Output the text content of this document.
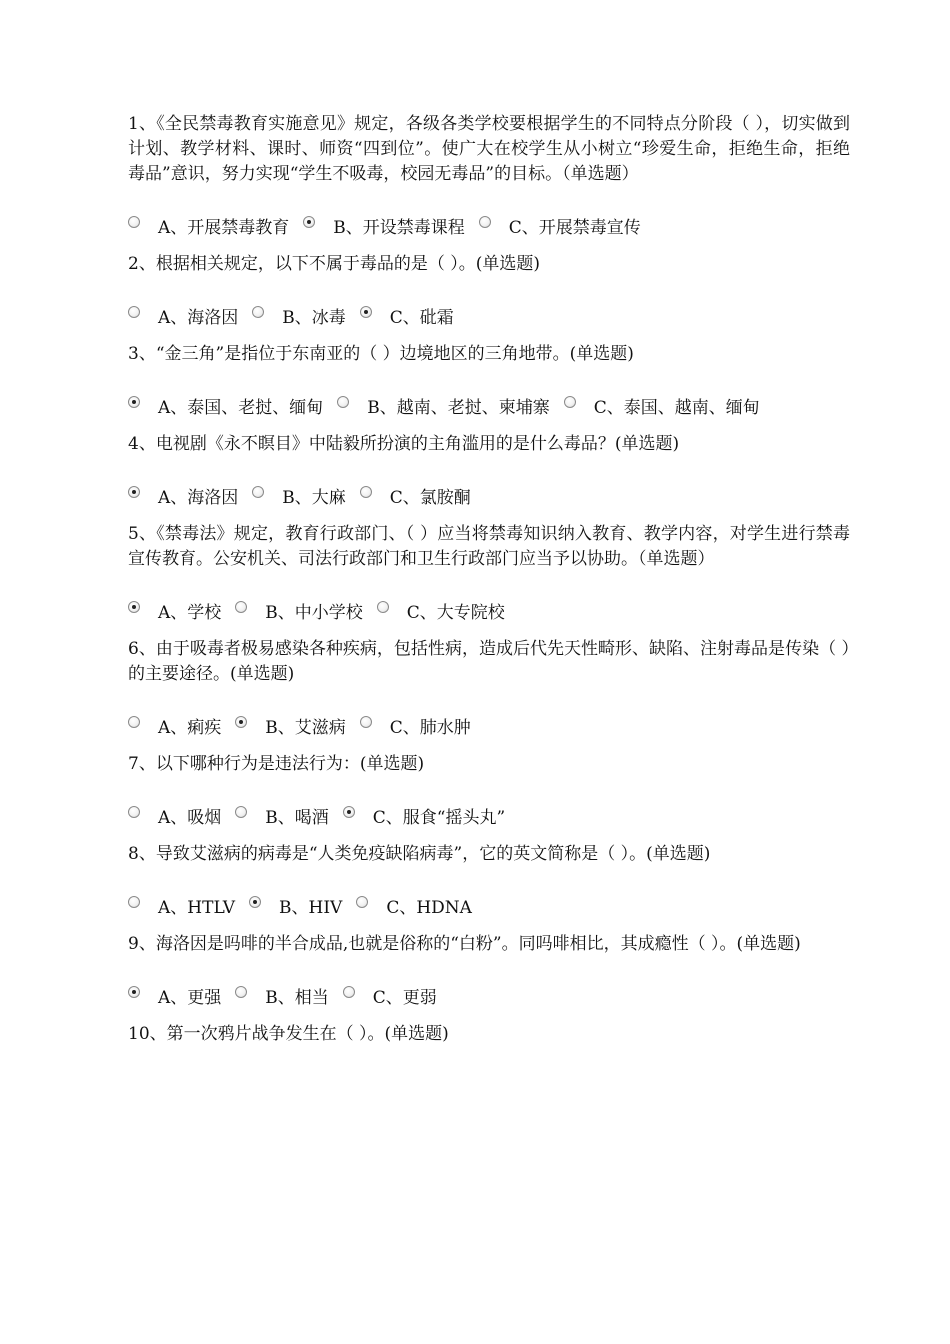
1、《全民禁毒教育实施意见》规定，各级各类学校要根据学生的不同特点分阶段（ ），切实做到计划、教学材料、课时、师资“四到位”。使广大在校学生从小树立“珍爱生命，拒绝生命，拒绝毒品”意识，努力实现“学生不吸毒，校园无毒品”的目标。（单选题）

A、开展禁毒教育	B、开设禁毒课程	C、开展禁毒宣传

2、根据相关规定，以下不属于毒品的是（ ）。(单选题)

A、海洛因	B、冰毒	C、砒霜

3、“金三角”是指位于东南亚的（ ）边境地区的三角地带。(单选题)

A、泰国、老挝、缅甸	B、越南、老挝、柬埔寨	C、泰国、越南、缅甸

4、电视剧《永不瞑目》中陆毅所扮演的主角滥用的是什么毒品？(单选题)

A、海洛因	B、大麻	C、氯胺酮

5、《禁毒法》规定，教育行政部门、（ ）应当将禁毒知识纳入教育、教学内容，对学生进行禁毒宣传教育。公安机关、司法行政部门和卫生行政部门应当予以协助。（单选题）

A、学校	B、中小学校	C、大专院校

6、由于吸毒者极易感染各种疾病，包括性病，造成后代先天性畸形、缺陷、注射毒品是传染（ ）的主要途径。(单选题)

A、痢疾	B、艾滋病	C、肺水肿

7、以下哪种行为是违法行为：(单选题)

A、吸烟	B、喝酒	C、服食“摇头丸”

8、导致艾滋病的病毒是“人类免疫缺陷病毒”，它的英文简称是（ ）。(单选题)

A、HTLV	B、HIV	C、HDNA

9、海洛因是吗啡的半合成品,也就是俗称的“白粉”。同吗啡相比，其成瘾性（ ）。(单选题)

A、更强	B、相当	C、更弱

10、第一次鸦片战争发生在（ ）。(单选题)
